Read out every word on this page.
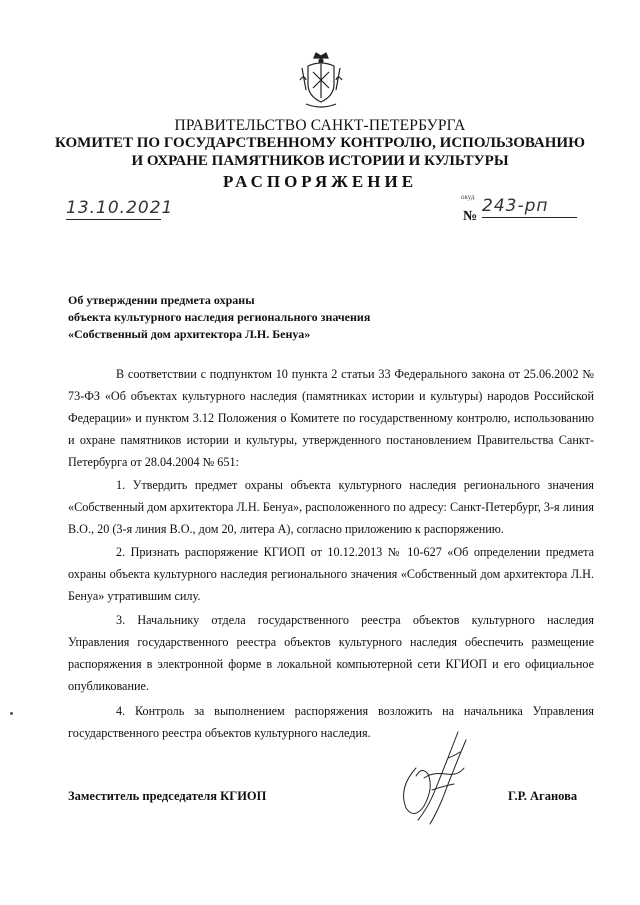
ПРАВИТЕЛЬСТВО САНКТ-ПЕТЕРБУРГА
КОМИТЕТ ПО ГОСУДАРСТВЕННОМУ КОНТРОЛЮ, ИСПОЛЬЗОВАНИЮ
И ОХРАНЕ ПАМЯТНИКОВ ИСТОРИИ И КУЛЬТУРЫ
РАСПОРЯЖЕНИЕ
13.10.2021
окуд
№
243-рп
Об утверждении предмета охраны
объекта культурного наследия регионального значения
«Собственный дом архитектора Л.Н. Бенуа»
В соответствии с подпунктом 10 пункта 2 статьи 33 Федерального закона от 25.06.2002 № 73-ФЗ «Об объектах культурного наследия (памятниках истории и культуры) народов Российской Федерации» и пунктом 3.12 Положения о Комитете по государственному контролю, использованию и охране памятников истории и культуры, утвержденного постановлением Правительства Санкт-Петербурга от 28.04.2004 № 651:
1. Утвердить предмет охраны объекта культурного наследия регионального значения «Собственный дом архитектора Л.Н. Бенуа», расположенного по адресу: Санкт-Петербург, 3-я линия В.О., 20 (3-я линия В.О., дом 20, литера А), согласно приложению к распоряжению.
2. Признать распоряжение КГИОП от 10.12.2013 № 10-627 «Об определении предмета охраны объекта культурного наследия регионального значения «Собственный дом архитектора Л.Н. Бенуа» утратившим силу.
3. Начальнику отдела государственного реестра объектов культурного наследия Управления государственного реестра объектов культурного наследия обеспечить размещение распоряжения в электронной форме в локальной компьютерной сети КГИОП и его официальное опубликование.
4. Контроль за выполнением распоряжения возложить на начальника Управления государственного реестра объектов культурного наследия.
Заместитель председателя КГИОП	Г.Р. Аганова
